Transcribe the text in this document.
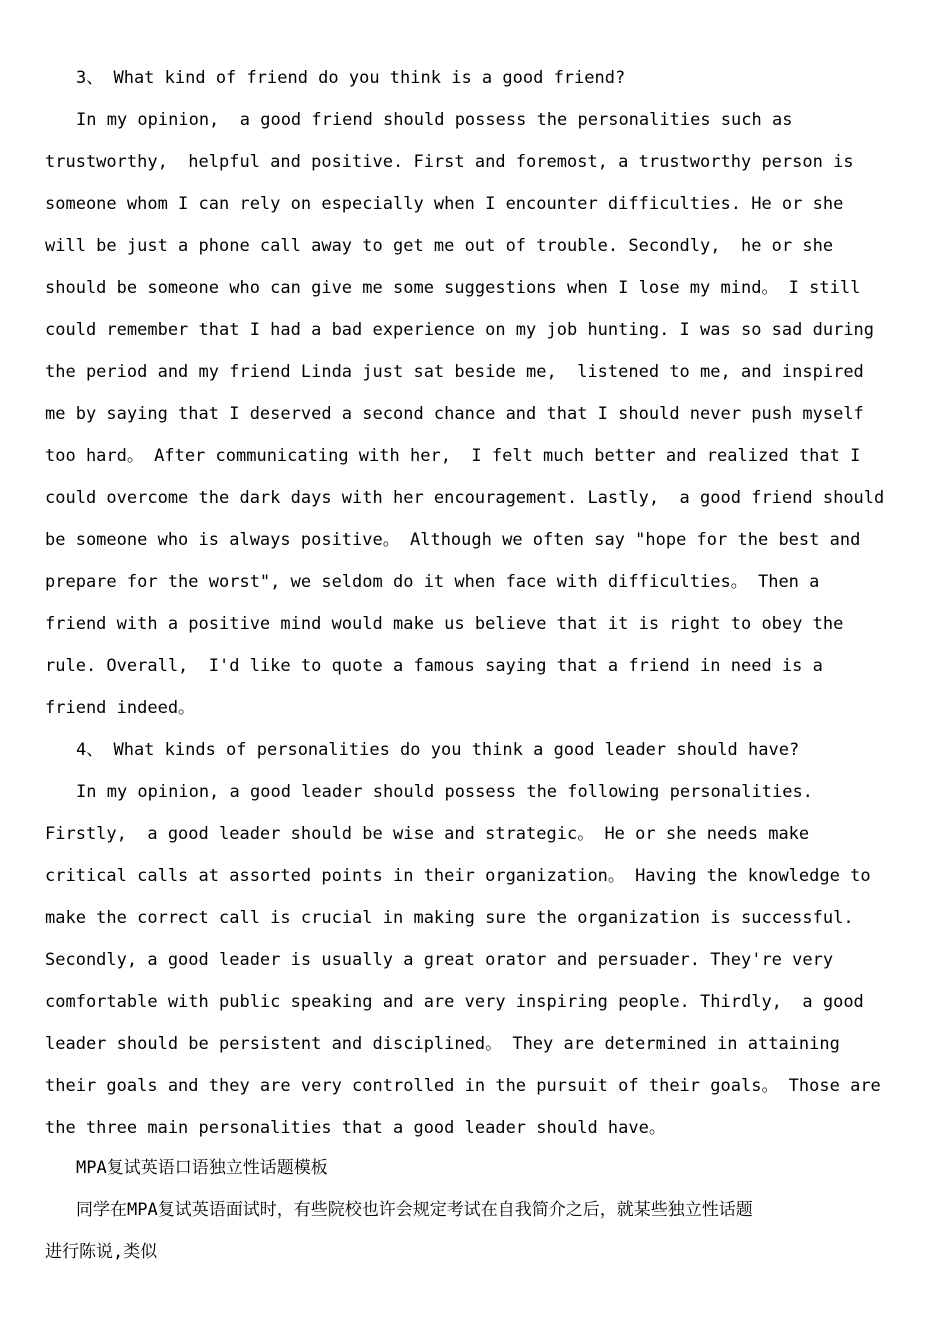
3、 What kind of friend do you think is a good friend?
In my opinion,  a good friend should possess the personalities such as
trustworthy,  helpful and positive. First and foremost, a trustworthy person is
someone whom I can rely on especially when I encounter difficulties. He or she
will be just a phone call away to get me out of trouble. Secondly,  he or she
should be someone who can give me some suggestions when I lose my mind。 I still
could remember that I had a bad experience on my job hunting. I was so sad during
the period and my friend Linda just sat beside me,  listened to me, and inspired
me by saying that I deserved a second chance and that I should never push myself
too hard。 After communicating with her,  I felt much better and realized that I
could overcome the dark days with her encouragement. Lastly,  a good friend should
be someone who is always positive。 Although we often say "hope for the best and
prepare for the worst", we seldom do it when face with difficulties。 Then a
friend with a positive mind would make us believe that it is right to obey the
rule. Overall,  I'd like to quote a famous saying that a friend in need is a
friend indeed。
4、 What kinds of personalities do you think a good leader should have?
In my opinion, a good leader should possess the following personalities.
Firstly,  a good leader should be wise and strategic。 He or she needs make
critical calls at assorted points in their organization。 Having the knowledge to
make the correct call is crucial in making sure the organization is successful.
Secondly, a good leader is usually a great orator and persuader. They're very
comfortable with public speaking and are very inspiring people. Thirdly,  a good
leader should be persistent and disciplined。 They are determined in attaining
their goals and they are very controlled in the pursuit of their goals。 Those are
the three main personalities that a good leader should have。
MPA复试英语口语独立性话题模板
同学在MPA复试英语面试时，有些院校也许会规定考试在自我简介之后，就某些独立性话题
进行陈说,类似
